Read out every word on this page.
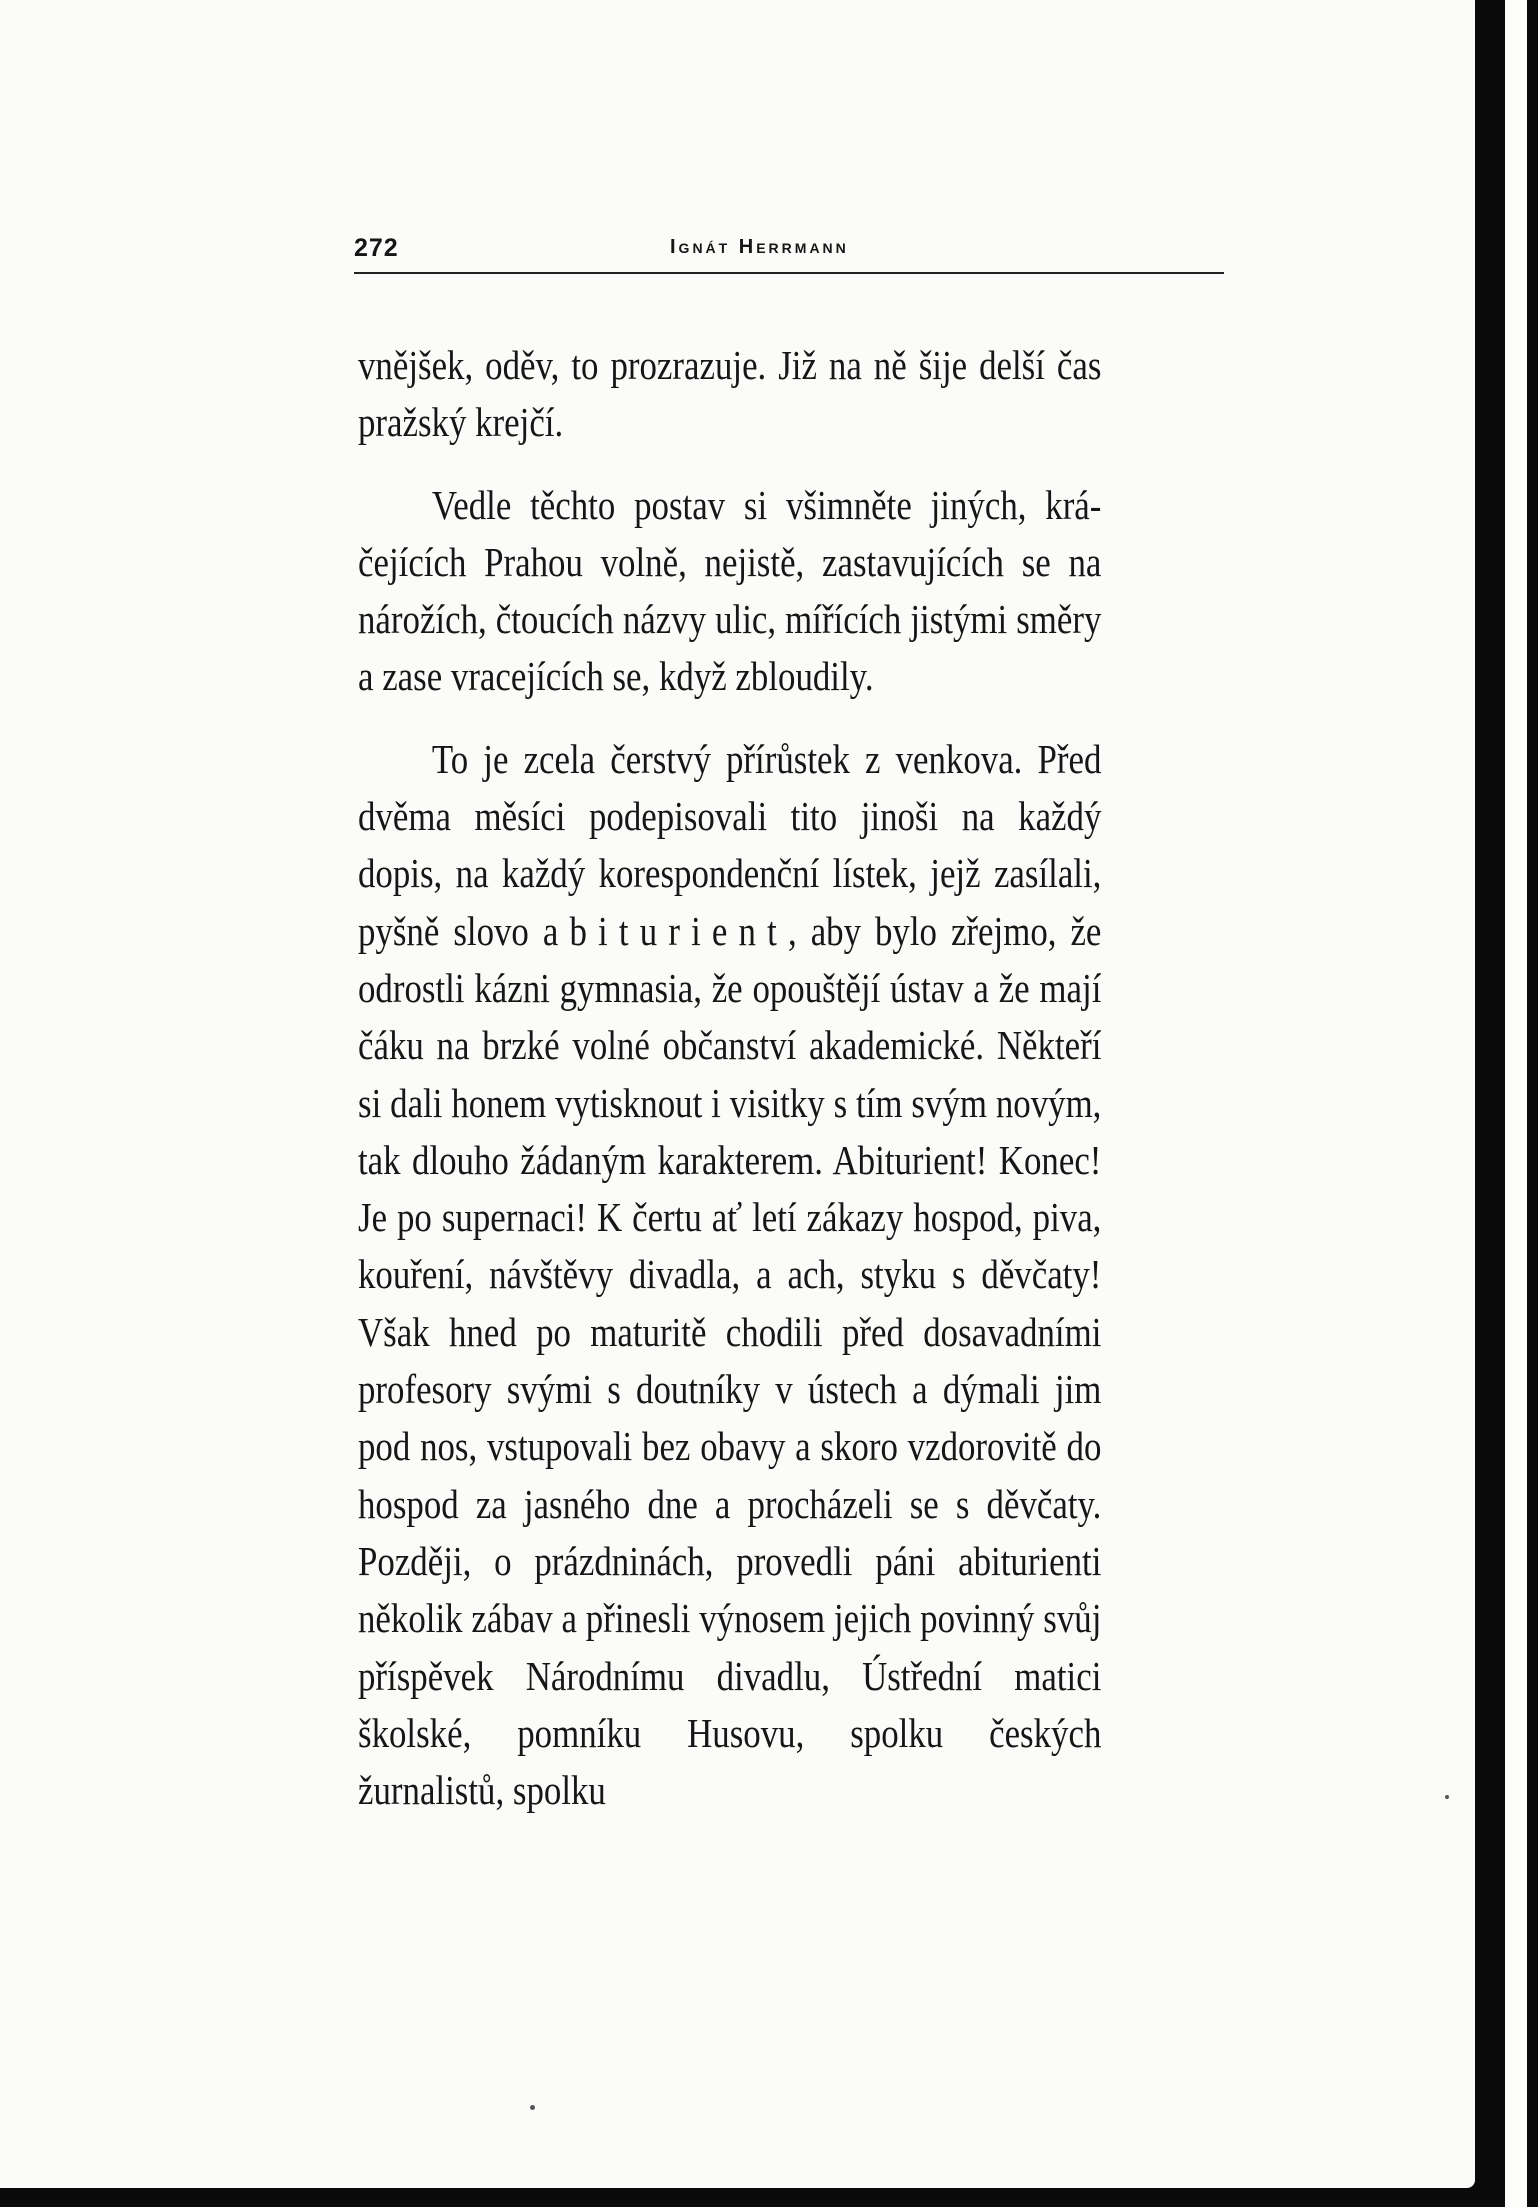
272	Ignát Herrmann

vnějšek, oděv, to prozrazuje. Již na ně šije delší čas pražský krejčí.

Vedle těchto postav si všimněte jiných, kráčejících Prahou volně, nejistě, zastavujících se na nárožích, čtoucích názvy ulic, mířících jistými směry a zase vracejících se, když zbloudily.

To je zcela čerstvý přírůstek z venkova. Před dvěma měsíci podepisovali tito jinoši na každý dopis, na každý korespondenční lístek, jejž zasílali, pyšně slovo abiturient, aby bylo zřejmo, že odrostli kázni gymnasia, že opouštějí ústav a že mají čáku na brzké volné občanství akademické. Někteří si dali honem vytisknout i visitky s tím svým novým, tak dlouho žádaným karakterem. Abiturient! Konec! Je po supernaci! K čertu ať letí zákazy hospod, piva, kouření, návštěvy divadla, a ach, styku s děvčaty! Však hned po maturitě chodili před dosavadními profesory svými s doutníky v ústech a dýmali jim pod nos, vstupovali bez obavy a skoro vzdorovitě do hospod za jasného dne a procházeli se s děvčaty. Později, o prázdninách, provedli páni abiturienti několik zábav a přinesli výnosem jejich povinný svůj příspěvek Národnímu divadlu, Ústřední matici školské, pomníku Husovu, spolku českých žurnalistů, spolku
